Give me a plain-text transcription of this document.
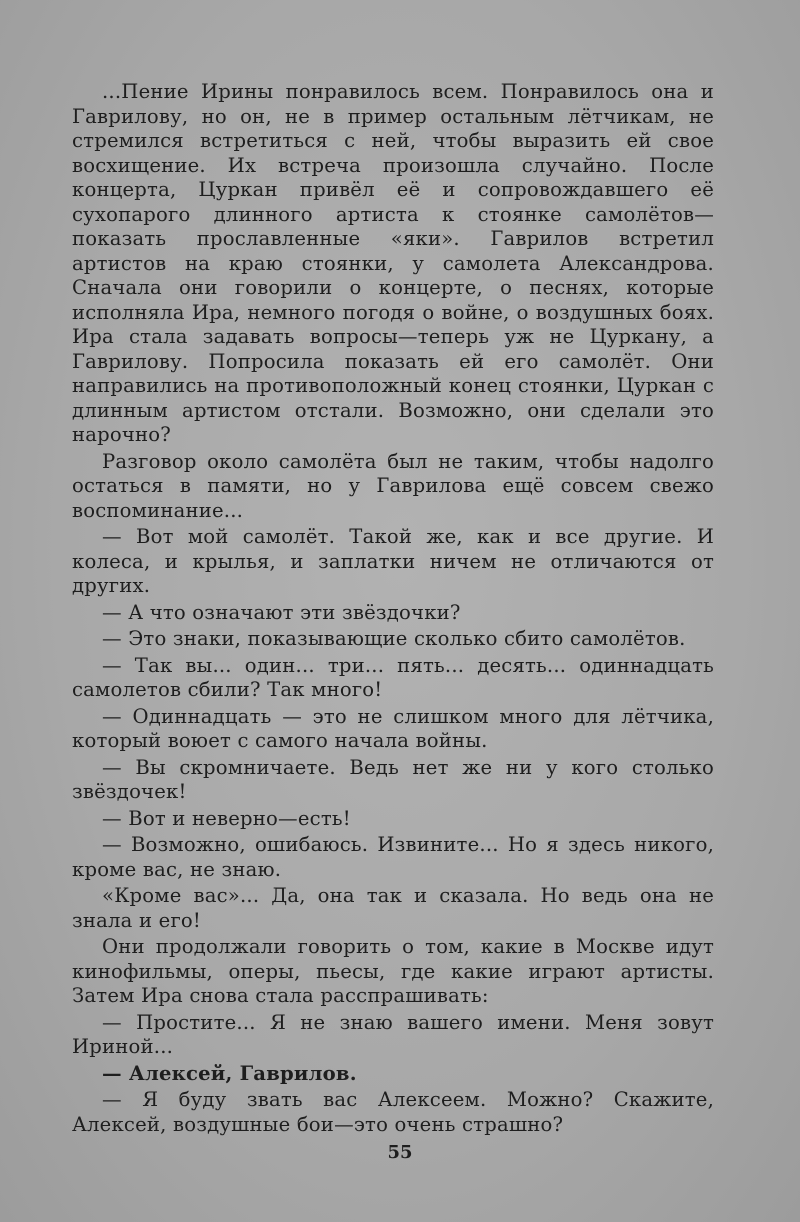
...Пение Ирины понравилось всем. Понравилось она и Гаврилову, но он, не в пример остальным лётчикам, не стремился встретиться с ней, чтобы выразить ей свое восхищение. Их встреча произошла случайно. После концерта, Цуркан привёл её и сопровождавшего её сухопарого длинного артиста к стоянке самолётов—показать прославленные «яки». Гаврилов встретил артистов на краю стоянки, у самолета Александрова. Сначала они говорили о концерте, о песнях, которые исполняла Ира, немного погодя о войне, о воздушных боях. Ира стала задавать вопросы—теперь уж не Цуркану, а Гаврилову. Попросила показать ей его самолёт. Они направились на противоположный конец стоянки, Цуркан с длинным артистом отстали. Возможно, они сделали это нарочно?

Разговор около самолёта был не таким, чтобы надолго остаться в памяти, но у Гаврилова ещё совсем свежо воспоминание...

— Вот мой самолёт. Такой же, как и все другие. И колеса, и крылья, и заплатки ничем не отличаются от других.

— А что означают эти звёздочки?

— Это знаки, показывающие сколько сбито самолётов.

— Так вы... один... три... пять... десять... одиннадцать самолетов сбили? Так много!

— Одиннадцать — это не слишком много для лётчика, который воюет с самого начала войны.

— Вы скромничаете. Ведь нет же ни у кого столько звёздочек!

— Вот и неверно—есть!

— Возможно, ошибаюсь. Извините... Но я здесь никого, кроме вас, не знаю.

«Кроме вас»... Да, она так и сказала. Но ведь она не знала и его!

Они продолжали говорить о том, какие в Москве идут кинофильмы, оперы, пьесы, где какие играют артисты. Затем Ира снова стала расспрашивать:

— Простите... Я не знаю вашего имени. Меня зовут Ириной...

— Алексей, Гаврилов.

— Я буду звать вас Алексеем. Можно? Скажите, Алексей, воздушные бои—это очень страшно?

55
